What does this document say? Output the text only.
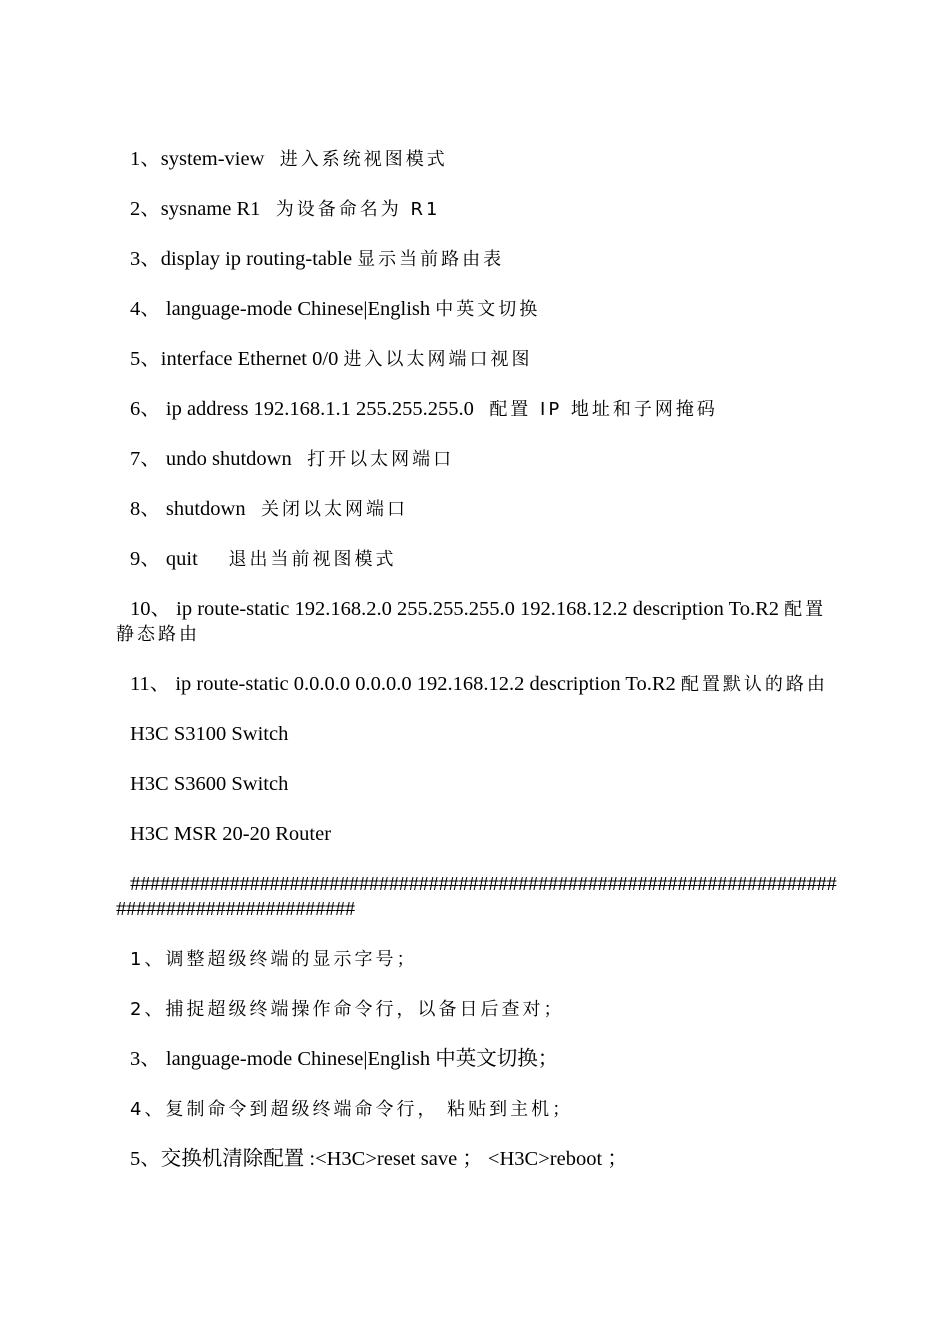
1、system-view 进入系统视图模式

2、sysname R1 为设备命名为 R1

3、display ip routing-table 显示当前路由表

4、 language-mode Chinese|English 中英文切换

5、interface Ethernet 0/0 进入以太网端口视图

6、 ip address 192.168.1.1 255.255.255.0 配置 IP 地址和子网掩码

7、 undo shutdown 打开以太网端口

8、 shutdown 关闭以太网端口

9、 quit 退出当前视图模式

10、 ip route-static 192.168.2.0 255.255.255.0 192.168.12.2 description To.R2 配置静态路由

11、 ip route-static 0.0.0.0 0.0.0.0 192.168.12.2 description To.R2 配置默认的路由

H3C S3100 Switch

H3C S3600 Switch

H3C MSR 20-20 Router

###############################################################################################

1、调整超级终端的显示字号；

2、捕捉超级终端操作命令行，以备日后查对；

3、 language-mode Chinese|English 中英文切换；

4、复制命令到超级终端命令行， 粘贴到主机；

5、交换机清除配置 :<H3C>reset save ； <H3C>reboot ；
